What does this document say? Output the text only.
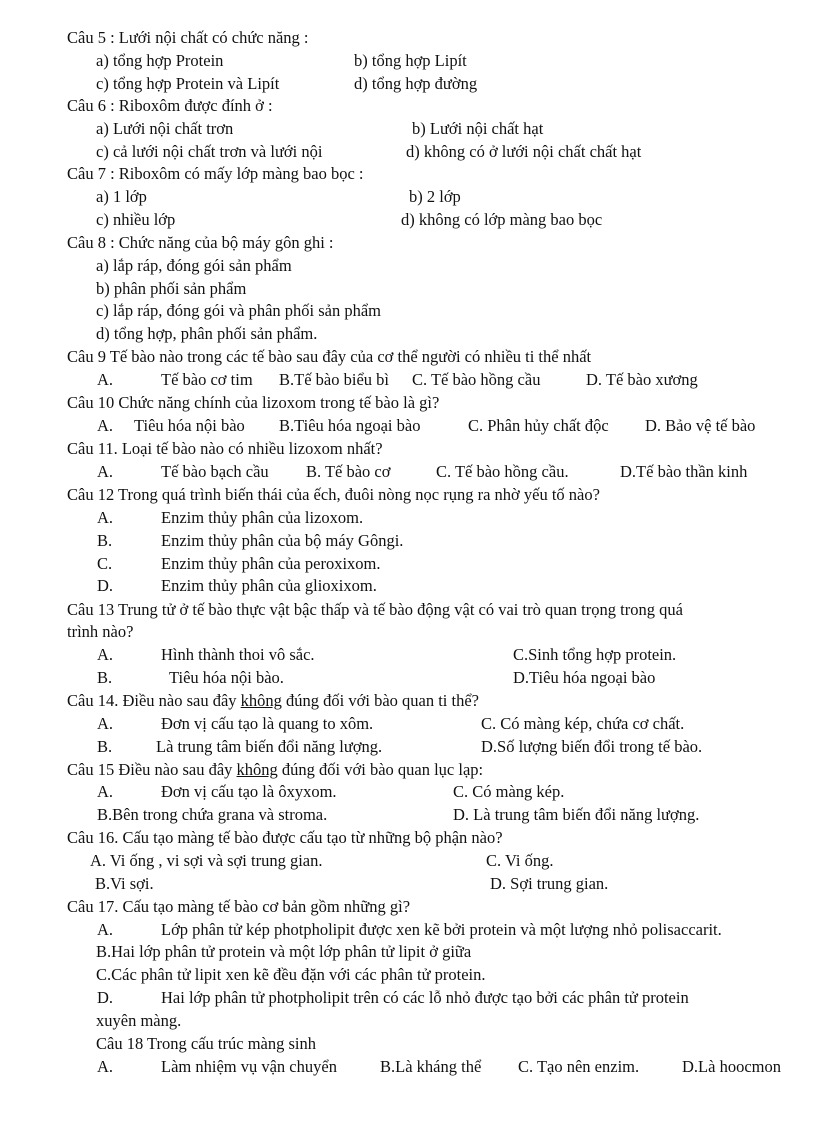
Câu 5 : Lưới nội chất có chức năng :
a) tổng hợp Protein	b) tổng hợp Lipít
c) tổng hợp Protein và Lipít	d) tổng hợp đường
Câu 6 : Riboxôm được đính ở :
a) Lưới nội chất trơn	b) Lưới nội chất hạt
c) cả lưới nội chất trơn và lưới nội	d) không có ở lưới nội chất chất hạt
Câu 7 : Riboxôm có mấy lớp màng bao bọc :
a) 1 lớp	b) 2 lớp
c) nhiều lớp	d) không có lớp màng bao bọc
Câu 8 : Chức năng của bộ máy gôn ghi :
a) lắp ráp, đóng gói sản phẩm
b) phân phối sản phẩm
c) lắp ráp, đóng gói và phân phối sản phẩm
d) tổng hợp, phân phối sản phẩm.
Câu 9 Tế bào nào trong các tế bào sau đây của cơ thể người có nhiều ti thể nhất
A.	Tế bào cơ tim B.Tế bào biểu bì C. Tế bào hồng cầu	D. Tế bào xương
Câu 10 Chức năng chính của lizoxom trong tế bào là gì?
A. Tiêu hóa nội bào B.Tiêu hóa ngoại bào	C. Phân hủy chất độc D. Bảo vệ tế bào
Câu 11. Loại tế bào nào có nhiều lizoxom nhất?
A.	Tế bào bạch cầu B. Tế bào cơ	C. Tế bào hồng cầu.	D.Tế bào thần kinh
Câu 12 Trong quá trình biến thái của ếch, đuôi nòng nọc rụng ra nhờ yếu tố nào?
A.	Enzim thủy phân của lizoxom.
B.	Enzim thủy phân của bộ máy Gôngi.
C.	Enzim thủy phân của peroxixom.
D.	Enzim thủy phân của glioxixom.
Câu 13 Trung tử ở tế bào thực vật bậc thấp và tế bào động vật có vai trò quan trọng trong quá
trình nào?
A.	Hình thành thoi vô sắc.	C.Sinh tổng hợp protein.
B.	Tiêu hóa nội bào.	D.Tiêu hóa ngoại bào
Câu 14. Điều nào sau đây không đúng đối với bào quan ti thể?
A.	Đơn vị cấu tạo là quang to xôm.	C. Có màng kép, chứa cơ chất.
B.	Là trung tâm biến đổi năng lượng.	D.Số lượng biến đổi trong tế bào.
Câu 15 Điều nào sau đây không đúng đối với bào quan lục lạp:
A.	Đơn vị cấu tạo là ôxyxom.	C. Có màng kép.
B.Bên trong chứa grana và stroma.	D. Là trung tâm biến đổi năng lượng.
Câu 16. Cấu tạo màng tế bào được cấu tạo từ những bộ phận nào?
A. Vi ống , vi sợi và sợi trung gian.	C. Vi ống.
B.Vi sợi.	D. Sợi trung gian.
Câu 17. Cấu tạo màng tế bào cơ bản gồm những gì?
A.	Lớp phân tử kép photpholipit được xen kẽ bởi protein và một lượng nhỏ polisaccarit.
B.Hai lớp phân tử protein và một lớp phân tử lipit ở giữa
C.Các phân tử lipit xen kẽ đều đặn với các phân tử protein.
D.	Hai lớp phân tử photpholipit trên có các lỗ nhỏ được tạo bởi các phân tử protein
xuyên màng.
Câu 18 Trong cấu trúc màng sinh
A.	Làm nhiệm vụ vận chuyển	B.Là kháng thể C. Tạo nên enzim.	D.Là hoocmon
